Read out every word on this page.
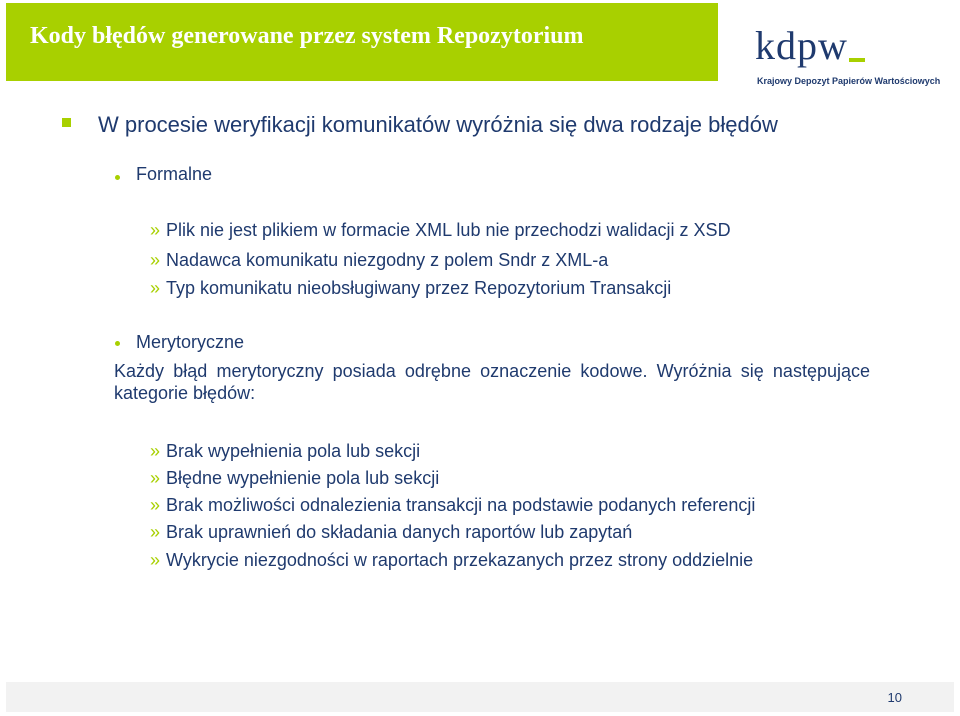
Kody błędów generowane przez system Repozytorium	kdpw
Krajowy Depozyt Papierów Wartościowych
W procesie weryfikacji komunikatów wyróżnia się dwa rodzaje błędów
Formalne
» Plik nie jest plikiem w formacie XML lub nie przechodzi walidacji z XSD
» Nadawca komunikatu niezgodny z polem Sndr z XML-a
» Typ komunikatu nieobsługiwany przez Repozytorium Transakcji
Merytoryczne
Każdy błąd merytoryczny posiada odrębne oznaczenie kodowe. Wyróżnia się następujące kategorie błędów:
» Brak wypełnienia pola lub sekcji
» Błędne wypełnienie pola lub sekcji
» Brak możliwości odnalezienia transakcji na podstawie podanych referencji
» Brak uprawnień do składania danych raportów lub zapytań
» Wykrycie niezgodności w raportach przekazanych przez strony oddzielnie
10
